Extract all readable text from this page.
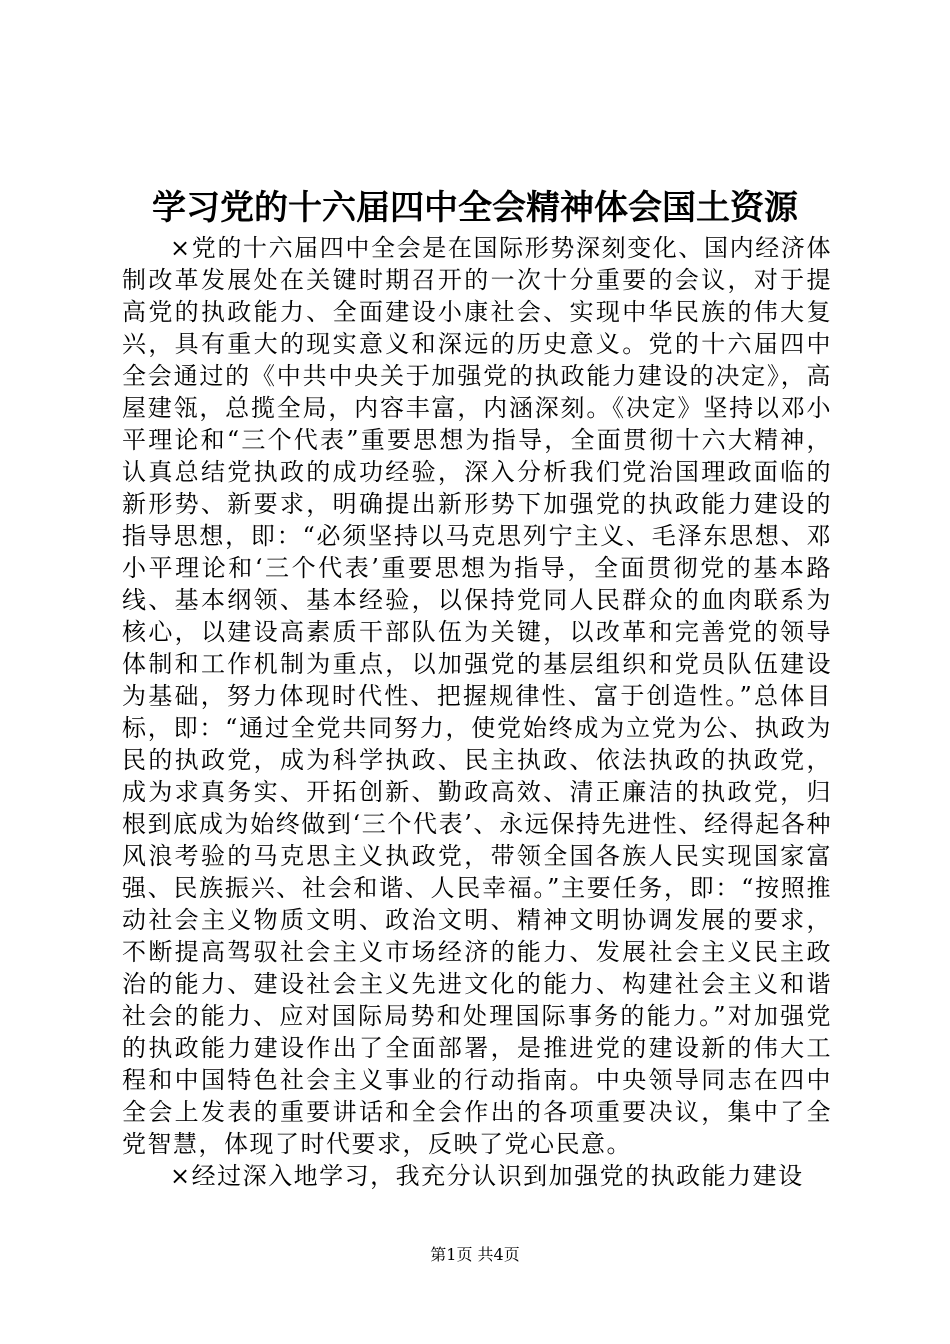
学习党的十六届四中全会精神体会国土资源

×党的十六届四中全会是在国际形势深刻变化、国内经济体制改革发展处在关键时期召开的一次十分重要的会议，对于提高党的执政能力、全面建设小康社会、实现中华民族的伟大复兴，具有重大的现实意义和深远的历史意义。党的十六届四中全会通过的《中共中央关于加强党的执政能力建设的决定》，高屋建瓴，总揽全局，内容丰富，内涵深刻。《决定》坚持以邓小平理论和“三个代表”重要思想为指导，全面贯彻十六大精神，认真总结党执政的成功经验，深入分析我们党治国理政面临的新形势、新要求，明确提出新形势下加强党的执政能力建设的指导思想，即：“必须坚持以马克思列宁主义、毛泽东思想、邓小平理论和‘三个代表’重要思想为指导，全面贯彻党的基本路线、基本纲领、基本经验，以保持党同人民群众的血肉联系为核心，以建设高素质干部队伍为关键，以改革和完善党的领导体制和工作机制为重点，以加强党的基层组织和党员队伍建设为基础，努力体现时代性、把握规律性、富于创造性。”总体目标，即：“通过全党共同努力，使党始终成为立党为公、执政为民的执政党，成为科学执政、民主执政、依法执政的执政党，成为求真务实、开拓创新、勤政高效、清正廉洁的执政党，归根到底成为始终做到‘三个代表’、永远保持先进性、经得起各种风浪考验的马克思主义执政党，带领全国各族人民实现国家富强、民族振兴、社会和谐、人民幸福。”主要任务，即：“按照推动社会主义物质文明、政治文明、精神文明协调发展的要求，不断提高驾驭社会主义市场经济的能力、发展社会主义民主政治的能力、建设社会主义先进文化的能力、构建社会主义和谐社会的能力、应对国际局势和处理国际事务的能力。”对加强党的执政能力建设作出了全面部署，是推进党的建设新的伟大工程和中国特色社会主义事业的行动指南。中央领导同志在四中全会上发表的重要讲话和全会作出的各项重要决议，集中了全党智慧，体现了时代要求，反映了党心民意。

×经过深入地学习，我充分认识到加强党的执政能力建设

第1页 共4页
